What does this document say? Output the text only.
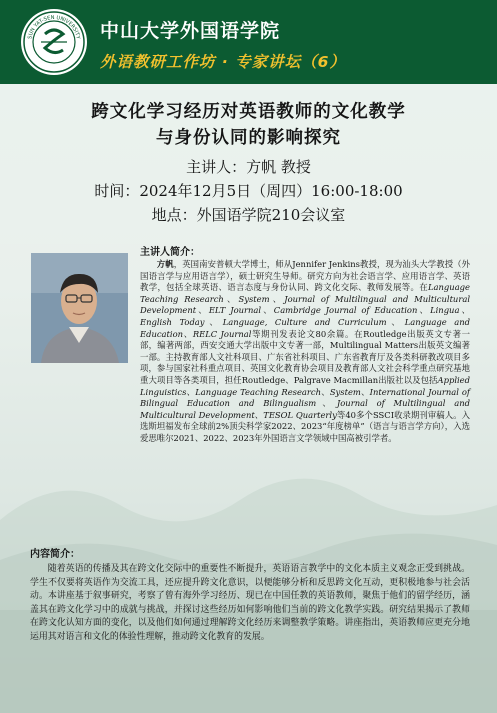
SUN YAT-SEN UNIVERSITY 中山大学外国语学院
外语教研工作坊 · 专家讲坛（6）
跨文化学习经历对英语教师的文化教学
与身份认同的影响探究
主讲人：方帆 教授
时间：2024年12月5日（周四）16:00-18:00
地点：外国语学院210会议室
主讲人简介：
方帆，英国南安普顿大学博士，师从Jennifer Jenkins教授，现为汕头大学教授（外国语言学与应用语言学），硕士研究生导师。研究方向为社会语言学、应用语言学、英语教学，包括全球英语、语言态度与身份认同、跨文化交际、教师发展等。在Language Teaching Research、System、Journal of Multilingual and Multicultural Development、ELT Journal、Cambridge Journal of Education、Lingua、English Today、Language, Culture and Curriculum、Language and Education、RELC Journal等期刊发表论文80余篇。在Routledge出版英文专著一部，编著两部，西安交通大学出版中文专著一部，Multilingual Matters出版英文编著一部。主持教育部人文社科项目、广东省社科项目、广东省教育厅及各类科研教改项目多项，参与国家社科重点项目、英国文化教育协会项目及教育部人文社会科学重点研究基地重大项目等各类项目，担任Routledge、Palgrave Macmillan出版社以及包括Applied Linguistics、Language Teaching Research、System、International Journal of Bilingual Education and Bilingualism、Journal of Multilingual and Multicultural Development、TESOL Quarterly等40多个SSCI收录期刊审稿人。入选斯坦福发布全球前2%顶尖科学家2022、2023“年度榜单”（语言与语言学方向），入选爱思唯尔2021、2022、2023年外国语言文学领域中国高被引学者。
内容简介：
随着英语的传播及其在跨文化交际中的重要性不断提升，英语语言教学中的文化本质主义观念正受到挑战。学生不仅要将英语作为交流工具，还应提升跨文化意识，以便能够分析和反思跨文化互动，更积极地参与社会活动。本讲座基于叙事研究，考察了曾有海外学习经历、现已在中国任教的英语教师，聚焦于他们的留学经历，涵盖其在跨文化学习中的成就与挑战，并探讨这些经历如何影响他们当前的跨文化教学实践。研究结果揭示了教师在跨文化认知方面的变化，以及他们如何通过理解跨文化经历来调整教学策略。讲座指出，英语教师应更充分地运用其对语言和文化的体验性理解，推动跨文化教育的发展。
